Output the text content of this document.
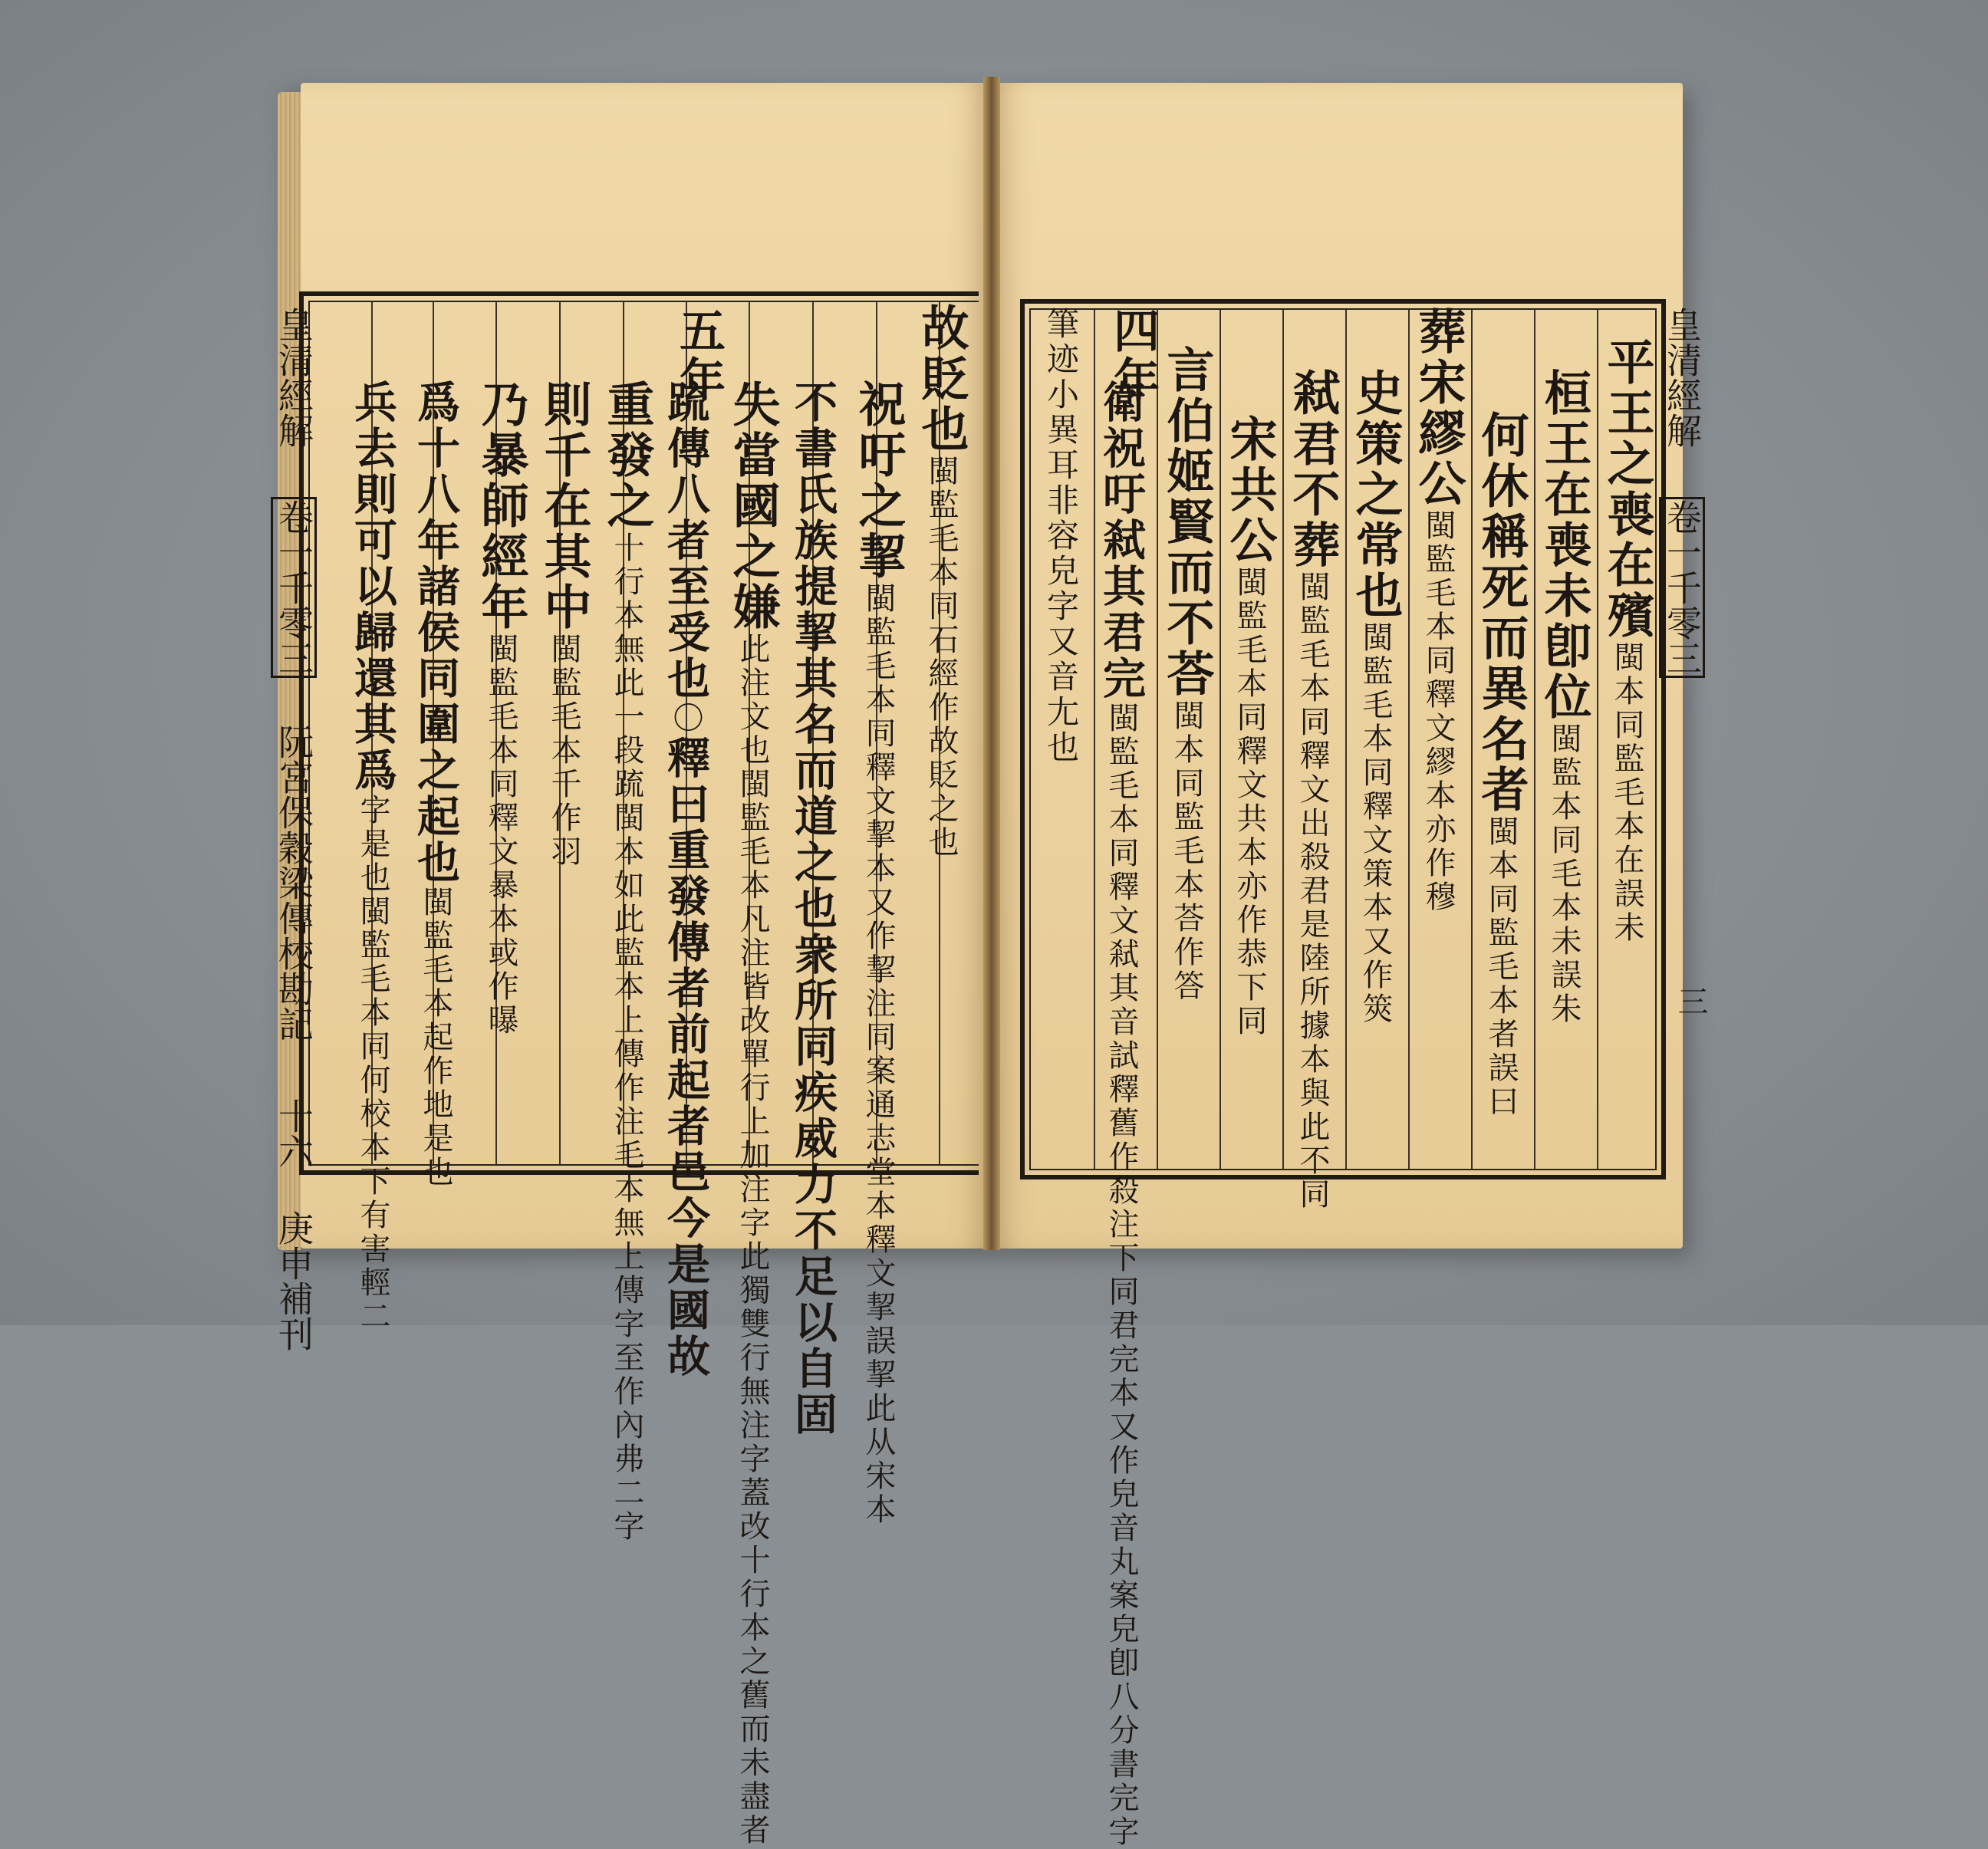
皇清經解 卷一千零三 阮宮保穀梁傳校勘記 十六 庚申補刊
故貶也閩監毛本同石經作故貶之也
祝吁之挈閩監毛本同釋文挈本又作挈注同案通志堂本釋文挈誤挈此从宋本
不書氏族提挈其名而道之也衆所同疾威力不足以自固
失當國之嫌此注文也閩監毛本凡注皆改單行上加注字此獨雙行無注字蓋改十行本之舊而未盡者
五年
䟽傳八者至受也〇釋曰重發傳者前起者邑今是國故
重發之十行本無此一段䟽閩本如此監本上傳作注毛本無上傳字至作內弗二字
則千在其中閩監毛本千作羽
乃暴師經年閩監毛本同釋文暴本或作曝
爲十八年諸侯同圍之起也閩監毛本起作地是也
兵去則可以歸還其爲字是也閩監毛本同何校本下有害輕二
皇清經解 卷一千零三
三
平王之喪在殯閩本同監毛本在誤未
桓王在喪未卽位閩監本同毛本未誤朱
何休稱死而異名者閩本同監毛本者誤曰
葬宋繆公閩監毛本同釋文繆本亦作穆
史策之常也閩監毛本同釋文策本又作筴
弒君不葬閩監毛本同釋文出殺君是陸所據本與此不同
宋共公閩監毛本同釋文共本亦作恭下同
言伯姬賢而不荅閩本同監毛本荅作答
四年
衛祝吁弒其君完閩監毛本同釋文弒其音試釋舊作殺注下同君完本又作皃音丸案皃卽八分書完字
筆迹小異耳非容皃字又音尢也
